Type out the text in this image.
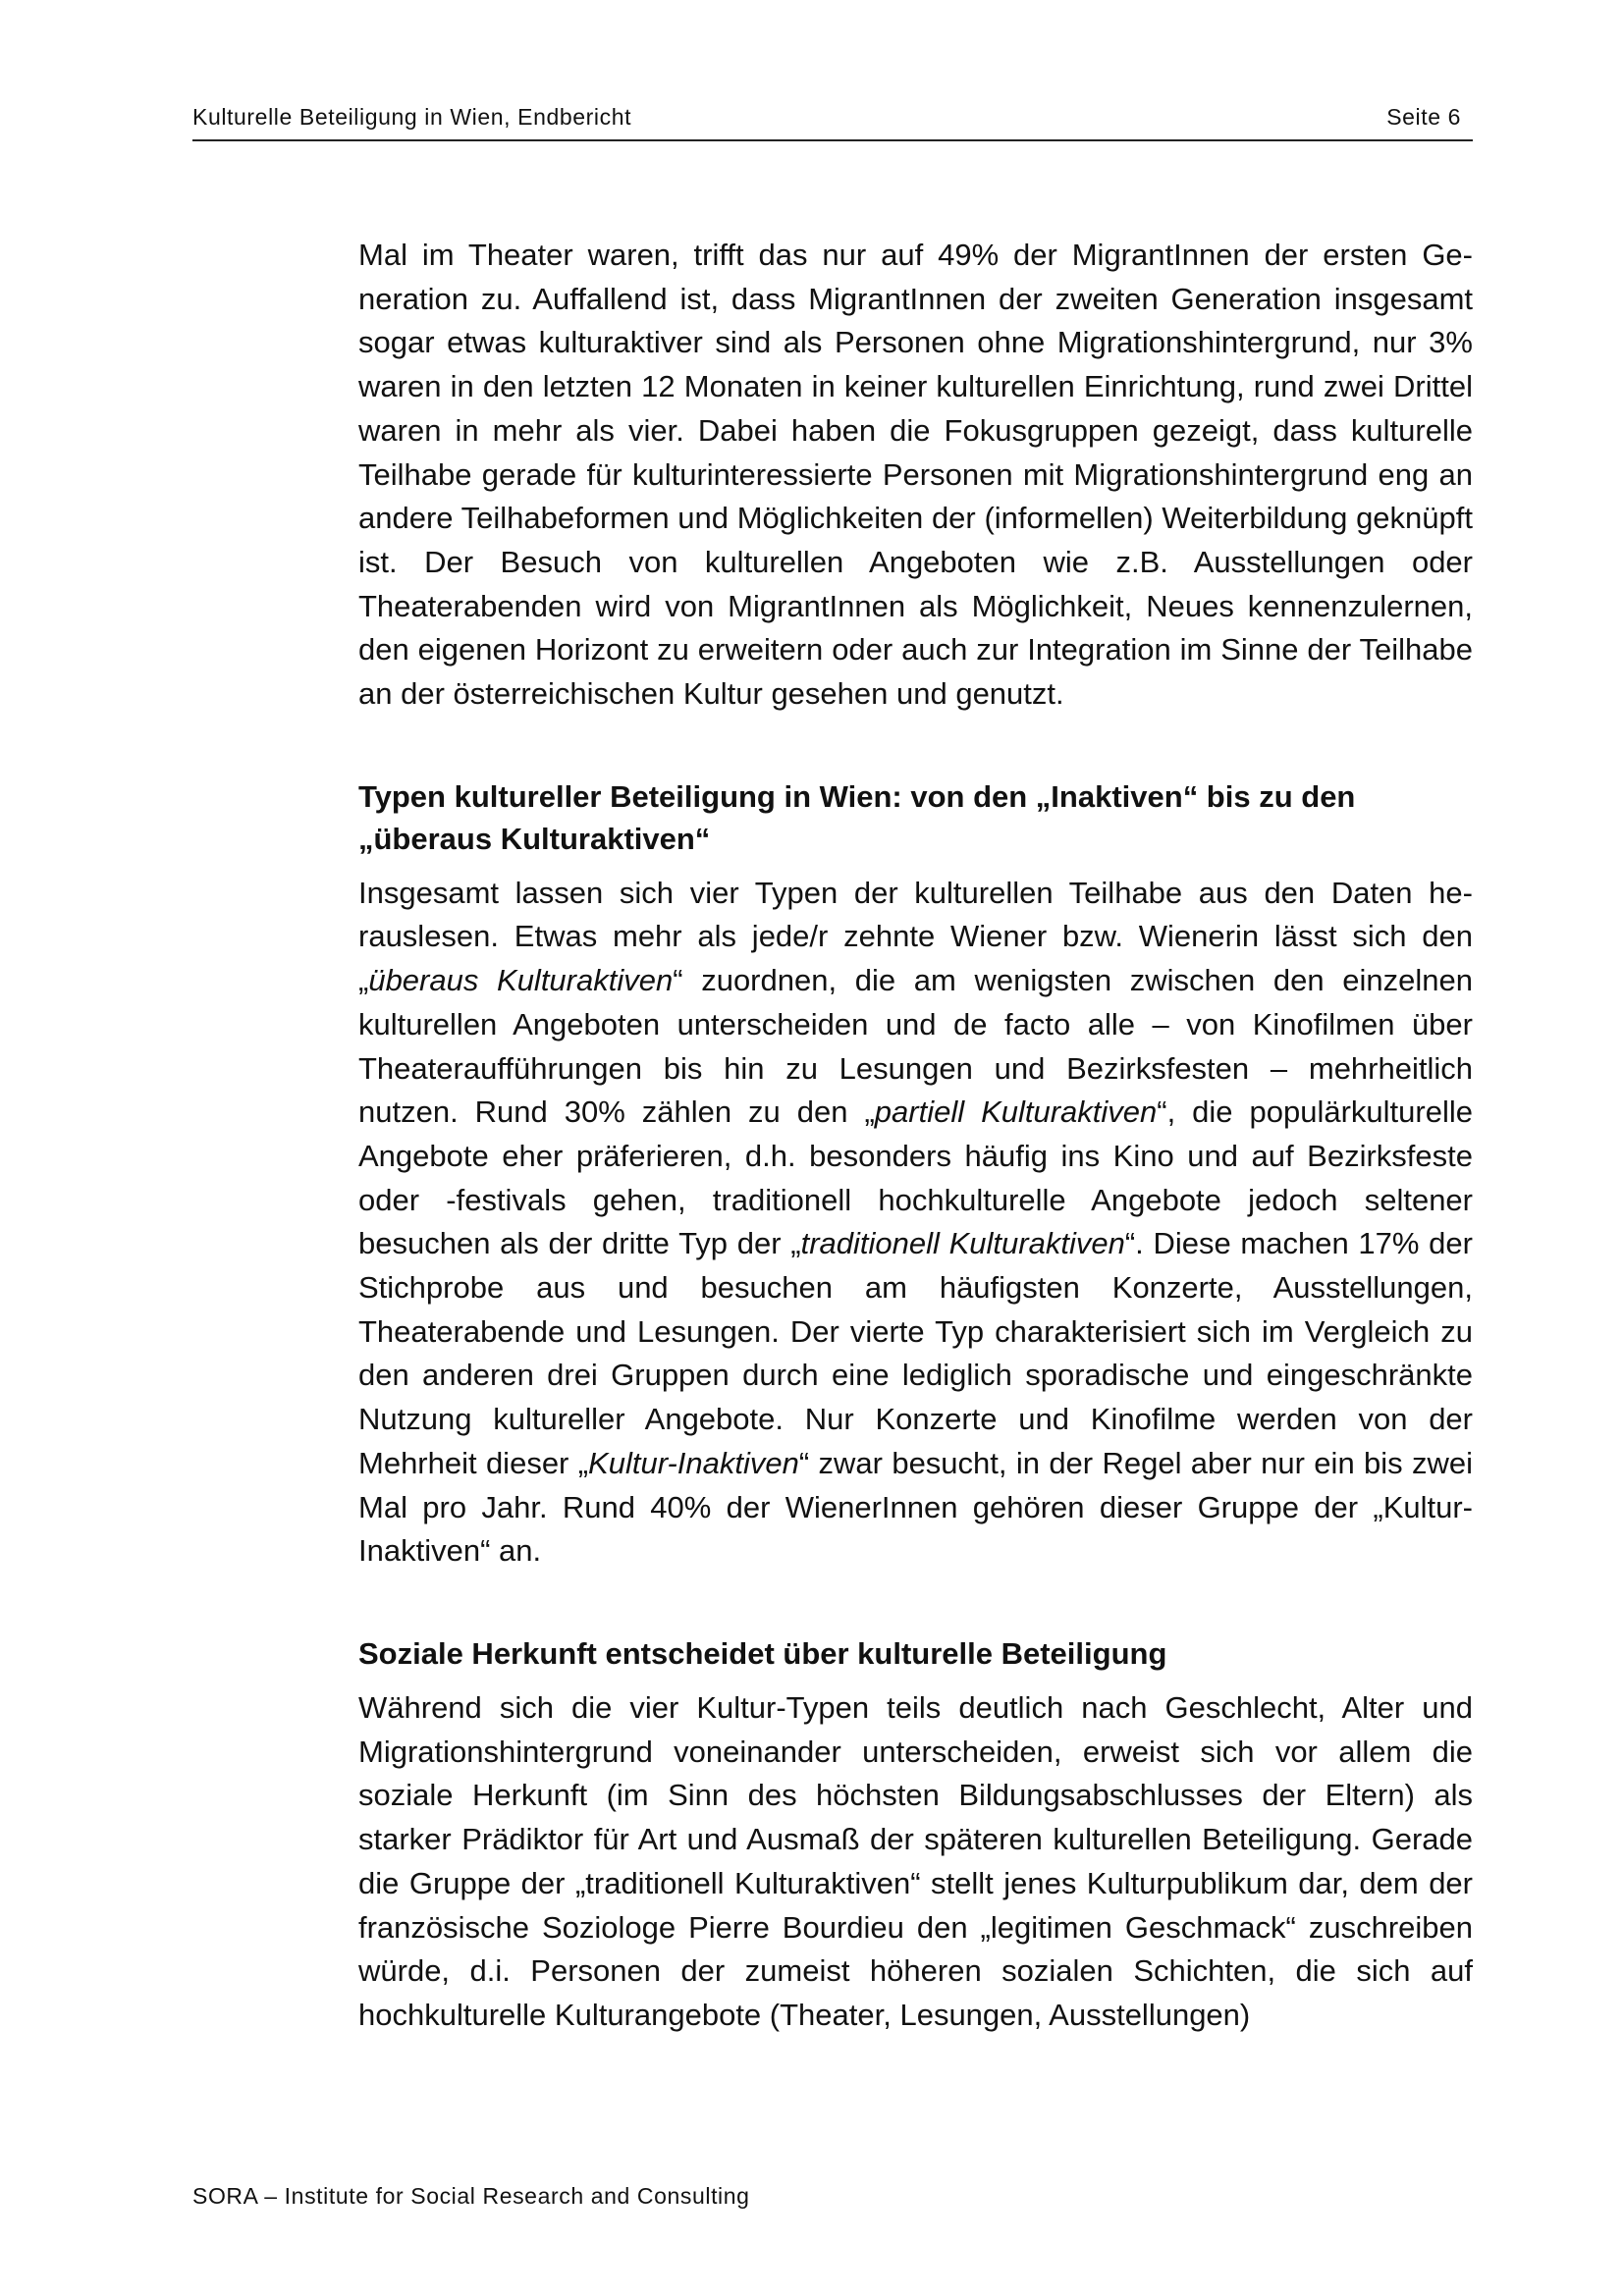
Kulturelle Beteiligung in Wien, Endbericht	Seite 6

Mal im Theater waren, trifft das nur auf 49% der MigrantInnen der ersten Generation zu. Auffallend ist, dass MigrantInnen der zweiten Generation insgesamt sogar etwas kulturaktiver sind als Personen ohne Migrationshintergrund, nur 3% waren in den letzten 12 Monaten in keiner kulturellen Einrichtung, rund zwei Drittel waren in mehr als vier. Dabei haben die Fokusgruppen gezeigt, dass kulturelle Teilhabe gerade für kulturinteressierte Personen mit Migrationshintergrund eng an andere Teilhabeformen und Möglichkeiten der (informellen) Weiterbildung geknüpft ist. Der Besuch von kulturellen Angeboten wie z.B. Ausstellungen oder Theaterabenden wird von MigrantInnen als Möglichkeit, Neues kennenzulernen, den eigenen Horizont zu erweitern oder auch zur Integration im Sinne der Teilhabe an der österreichischen Kultur gesehen und genutzt.

Typen kultureller Beteiligung in Wien: von den „Inaktiven“ bis zu den „überaus Kulturaktiven“

Insgesamt lassen sich vier Typen der kulturellen Teilhabe aus den Daten herauslesen. Etwas mehr als jede/r zehnte Wiener bzw. Wienerin lässt sich den „überaus Kulturaktiven“ zuordnen, die am wenigsten zwischen den einzelnen kulturellen Angeboten unterscheiden und de facto alle – von Kinofilmen über Theateraufführungen bis hin zu Lesungen und Bezirksfesten – mehrheitlich nutzen. Rund 30% zählen zu den „partiell Kulturaktiven“, die populärkulturelle Angebote eher präferieren, d.h. besonders häufig ins Kino und auf Bezirksfeste oder -festivals gehen, traditionell hochkulturelle Angebote jedoch seltener besuchen als der dritte Typ der „traditionell Kulturaktiven“. Diese machen 17% der Stichprobe aus und besuchen am häufigsten Konzerte, Ausstellungen, Theaterabende und Lesungen. Der vierte Typ charakterisiert sich im Vergleich zu den anderen drei Gruppen durch eine lediglich sporadische und eingeschränkte Nutzung kultureller Angebote. Nur Konzerte und Kinofilme werden von der Mehrheit dieser „Kultur-Inaktiven“ zwar besucht, in der Regel aber nur ein bis zwei Mal pro Jahr. Rund 40% der WienerInnen gehören dieser Gruppe der „Kultur-Inaktiven“ an.

Soziale Herkunft entscheidet über kulturelle Beteiligung

Während sich die vier Kultur-Typen teils deutlich nach Geschlecht, Alter und Migrationshintergrund voneinander unterscheiden, erweist sich vor allem die soziale Herkunft (im Sinn des höchsten Bildungsabschlusses der Eltern) als starker Prädiktor für Art und Ausmaß der späteren kulturellen Beteiligung. Gerade die Gruppe der „traditionell Kulturaktiven“ stellt jenes Kulturpublikum dar, dem der französische Soziologe Pierre Bourdieu den „legitimen Geschmack“ zuschreiben würde, d.i. Personen der zumeist höheren sozialen Schichten, die sich auf hochkulturelle Kulturangebote (Theater, Lesungen, Ausstellungen)

SORA – Institute for Social Research and Consulting
